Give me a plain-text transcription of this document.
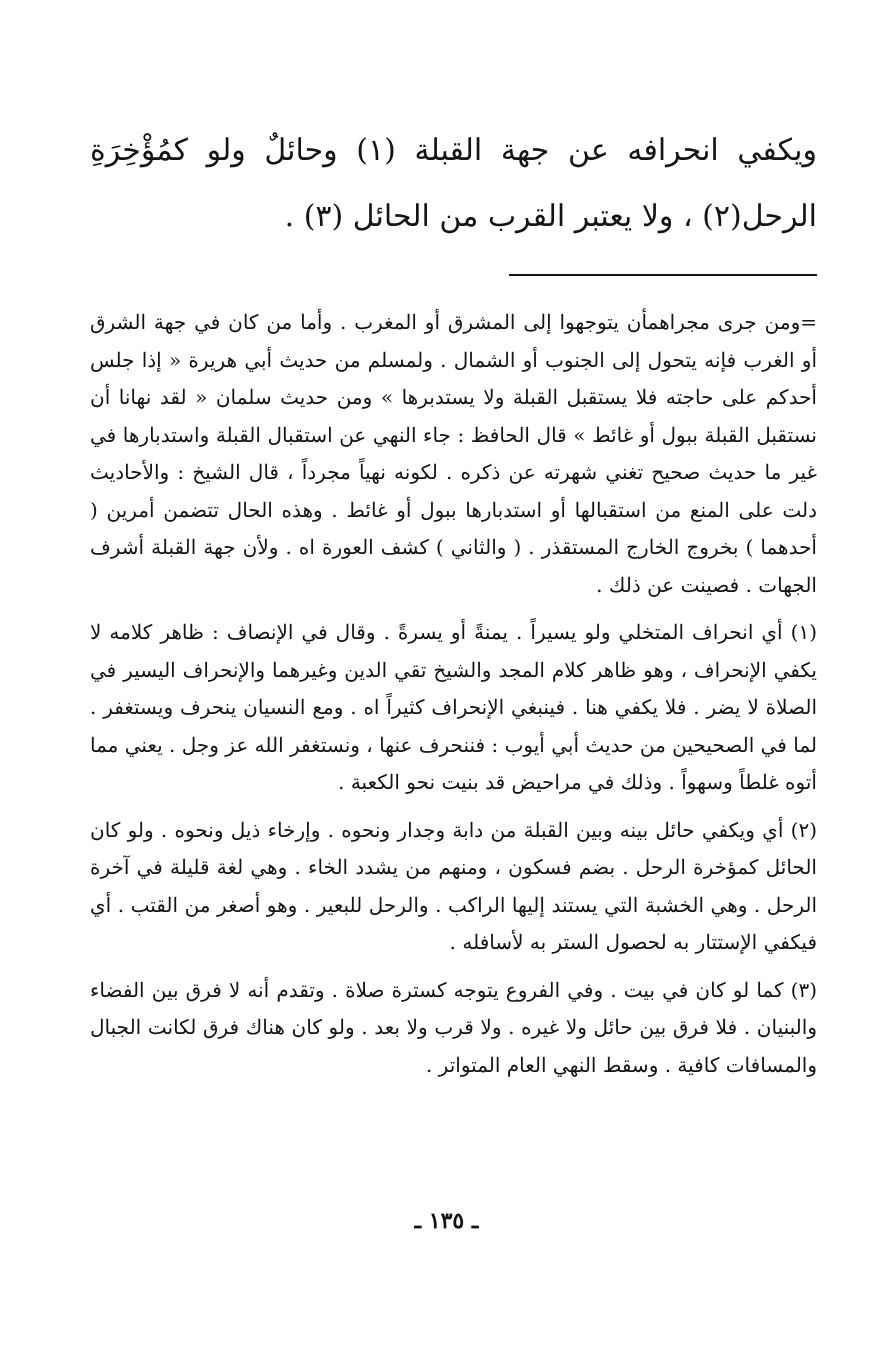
ويكفي انحرافه عن جهة القبلة (١) وحائلٌ ولو كمُؤْخِرَةِ الرحل(٢) ، ولا يعتبر القرب من الحائل (٣) .

=ومن جرى مجراهمأن يتوجهوا إلى المشرق أو المغرب . وأما من كان في جهة الشرق أو الغرب فإنه يتحول إلى الجنوب أو الشمال . ولمسلم من حديث أبي هريرة « إذا جلس أحدكم على حاجته فلا يستقبل القبلة ولا يستدبرها » ومن حديث سلمان « لقد نهانا أن نستقبل القبلة ببول أو غائط » قال الحافظ : جاء النهي عن استقبال القبلة واستدبارها في غير ما حديث صحيح تغني شهرته عن ذكره . لكونه نهياً مجرداً ، قال الشيخ : والأحاديث دلت على المنع من استقبالها أو استدبارها ببول أو غائط . وهذه الحال تتضمن أمرين ( أحدهما ) بخروج الخارج المستقذر . ( والثاني ) كشف العورة اه . ولأن جهة القبلة أشرف الجهات . فصينت عن ذلك .

(١) أي انحراف المتخلي ولو يسيراً . يمنةً أو يسرةً . وقال في الإنصاف : ظاهر كلامه لا يكفي الإنحراف ، وهو ظاهر كلام المجد والشيخ تقي الدين وغيرهما والإنحراف اليسير في الصلاة لا يضر . فلا يكفي هنا . فينبغي الإنحراف كثيراً اه . ومع النسيان ينحرف ويستغفر . لما في الصحيحين من حديث أبي أيوب : فننحرف عنها ، ونستغفر الله عز وجل . يعني مما أتوه غلطاً وسهواً . وذلك في مراحيض قد بنيت نحو الكعبة .

(٢) أي ويكفي حائل بينه وبين القبلة من دابة وجدار ونحوه . وإرخاء ذيل ونحوه . ولو كان الحائل كمؤخرة الرحل . بضم فسكون ، ومنهم من يشدد الخاء . وهي لغة قليلة في آخرة الرحل . وهي الخشبة التي يستند إليها الراكب . والرحل للبعير . وهو أصغر من القتب . أي فيكفي الإستتار به لحصول الستر به لأسافله .

(٣) كما لو كان في بيت . وفي الفروع يتوجه كسترة صلاة . وتقدم أنه لا فرق بين الفضاء والبنيان . فلا فرق بين حائل ولا غيره . ولا قرب ولا بعد . ولو كان هناك فرق لكانت الجبال والمسافات كافية . وسقط النهي العام المتواتر .

ـ ١٣٥ ـ
